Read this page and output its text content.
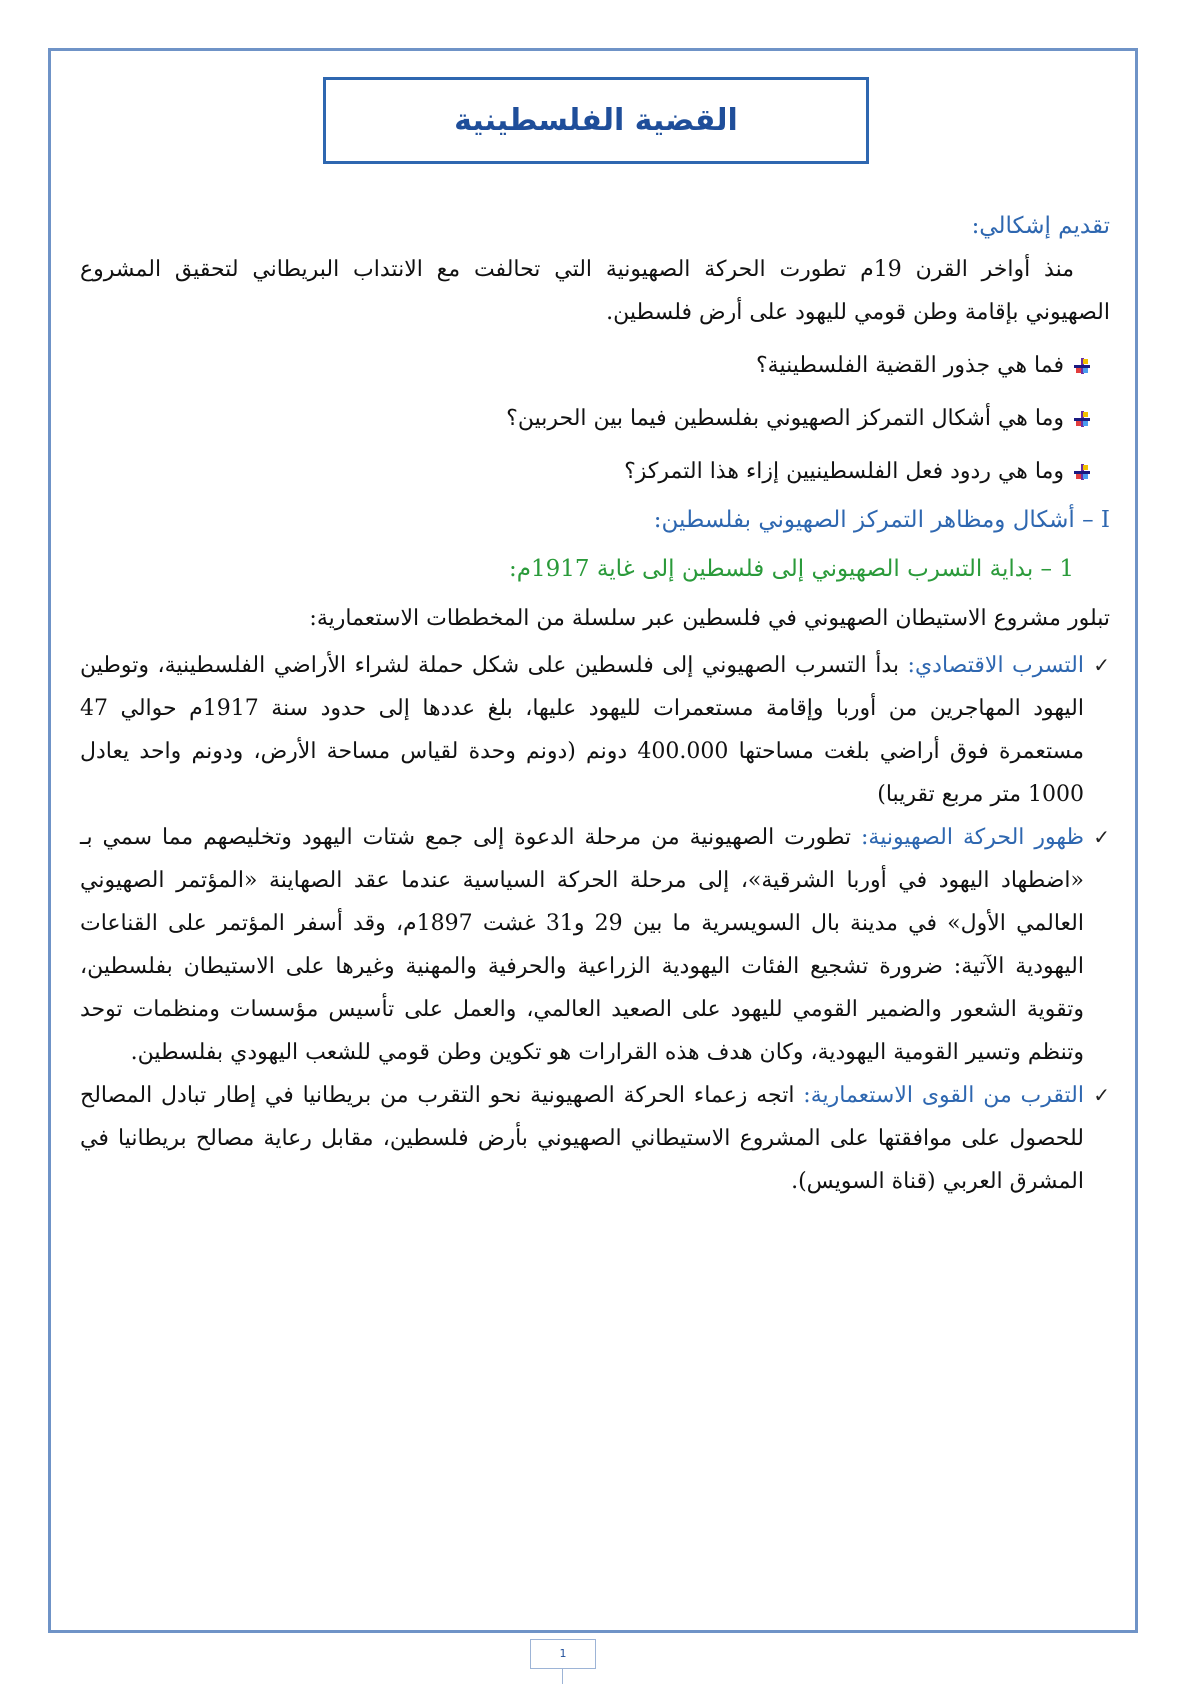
القضية الفلسطينية

تقديم إشكالي:

منذ أواخر القرن 19م تطورت الحركة الصهيونية التي تحالفت مع الانتداب البريطاني لتحقيق المشروع الصهيوني بإقامة وطن قومي لليهود على أرض فلسطين.

فما هي جذور القضية الفلسطينية؟
وما هي أشكال التمركز الصهيوني بفلسطين فيما بين الحربين؟
وما هي ردود فعل الفلسطينيين إزاء هذا التمركز؟

I – أشكال ومظاهر التمركز الصهيوني بفلسطين:

1 – بداية التسرب الصهيوني إلى فلسطين إلى غاية 1917م:

تبلور مشروع الاستيطان الصهيوني في فلسطين عبر سلسلة من المخططات الاستعمارية:

✓
التسرب الاقتصادي: بدأ التسرب الصهيوني إلى فلسطين على شكل حملة لشراء الأراضي الفلسطينية، وتوطين اليهود المهاجرين من أوربا وإقامة مستعمرات لليهود عليها، بلغ عددها إلى حدود سنة 1917م حوالي 47 مستعمرة فوق أراضي بلغت مساحتها 400.000 دونم (دونم وحدة لقياس مساحة الأرض، ودونم واحد يعادل 1000 متر مربع تقريبا)

✓
ظهور الحركة الصهيونية: تطورت الصهيونية من مرحلة الدعوة إلى جمع شتات اليهود وتخليصهم مما سمي بـ «اضطهاد اليهود في أوربا الشرقية»، إلى مرحلة الحركة السياسية عندما عقد الصهاينة «المؤتمر الصهيوني العالمي الأول» في مدينة بال السويسرية ما بين 29 و31 غشت 1897م، وقد أسفر المؤتمر على القناعات اليهودية الآتية: ضرورة تشجيع الفئات اليهودية الزراعية والحرفية والمهنية وغيرها على الاستيطان بفلسطين، وتقوية الشعور والضمير القومي لليهود على الصعيد العالمي، والعمل على تأسيس مؤسسات ومنظمات توحد وتنظم وتسير القومية اليهودية، وكان هدف هذه القرارات هو تكوين وطن قومي للشعب اليهودي بفلسطين.

✓
التقرب من القوى الاستعمارية: اتجه زعماء الحركة الصهيونية نحو التقرب من بريطانيا في إطار تبادل المصالح للحصول على موافقتها على المشروع الاستيطاني الصهيوني بأرض فلسطين، مقابل رعاية مصالح بريطانيا في المشرق العربي (قناة السويس).

1
